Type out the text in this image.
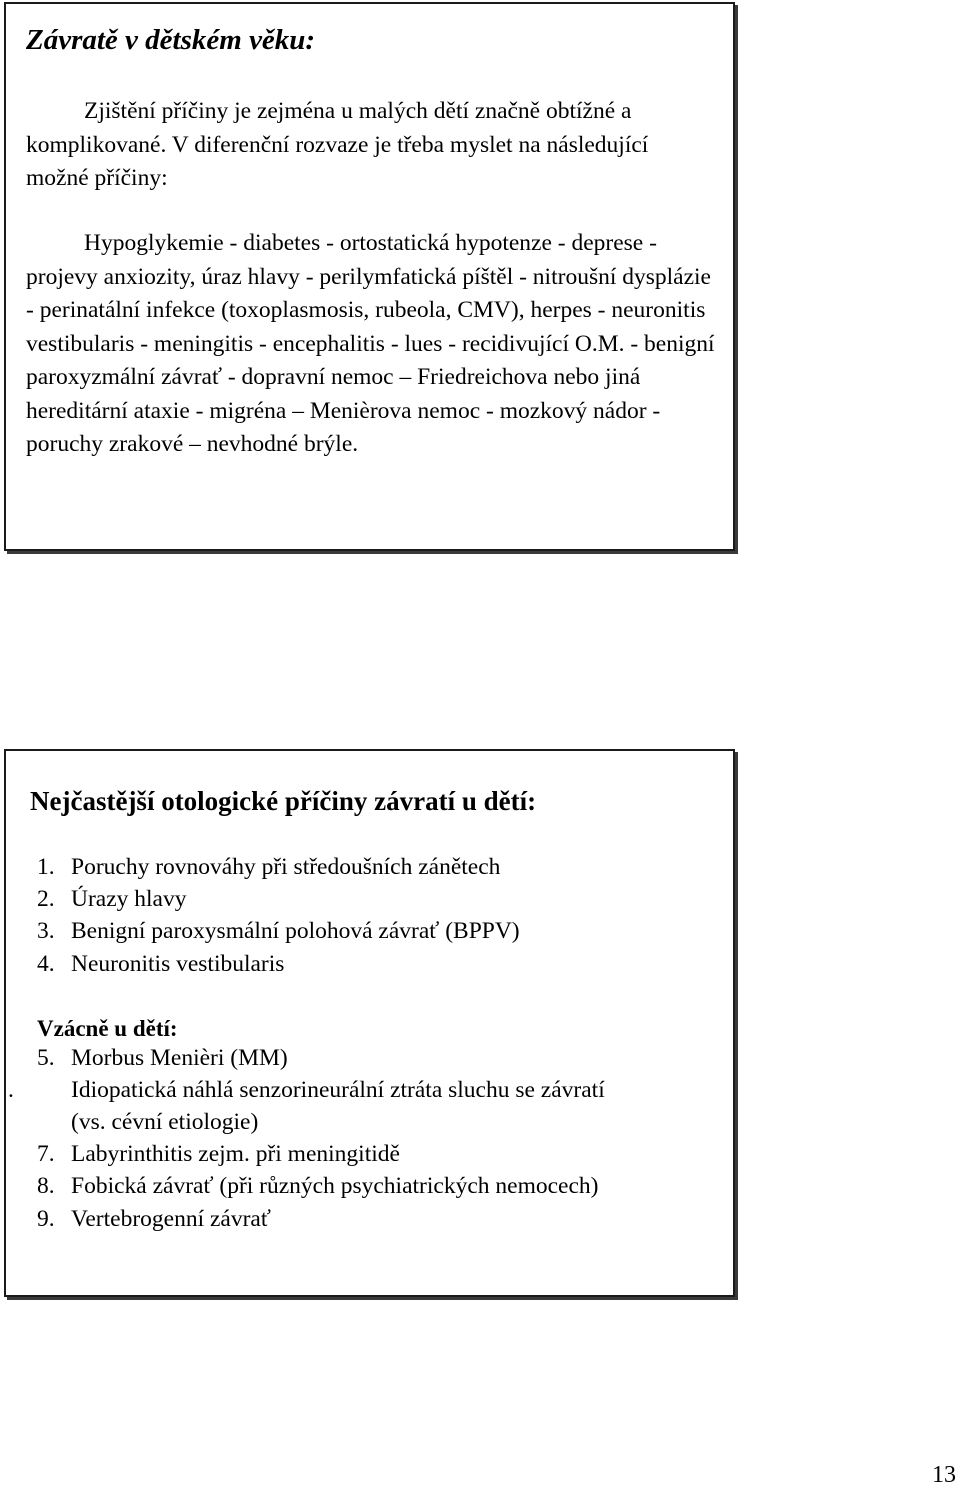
Závratě v dětském věku:

Zjištění příčiny je zejména u malých dětí značně obtížné a komplikované. V diferenční rozvaze je třeba myslet na následující možné příčiny:

Hypoglykemie - diabetes - ortostatická hypotenze - deprese - projevy anxiozity, úraz hlavy - perilymfatická píštěl - nitroušní dysplázie - perinatální infekce (toxoplasmosis, rubeola, CMV), herpes - neuronitis vestibularis - meningitis - encephalitis - lues - recidivující O.M. - benigní paroxyzmální závrať - dopravní nemoc – Friedreichova nebo jiná hereditární ataxie - migréna – Menièrova nemoc - mozkový nádor - poruchy zrakové – nevhodné brýle.

Nejčastější otologické příčiny závratí u dětí:
1. Poruchy rovnováhy při středoušních zánětech
2. Úrazy hlavy
3. Benigní paroxysmální polohová závrať (BPPV)
4. Neuronitis vestibularis
Vzácně u dětí:
5. Morbus Menièri (MM)
. Idiopatická náhlá senzorineurální ztráta sluchu se závratí
(vs. cévní etiologie)
7. Labyrinthitis zejm. při meningitidě
8. Fobická závrať (při různých psychiatrických nemocech)
9. Vertebrogenní závrať
13
